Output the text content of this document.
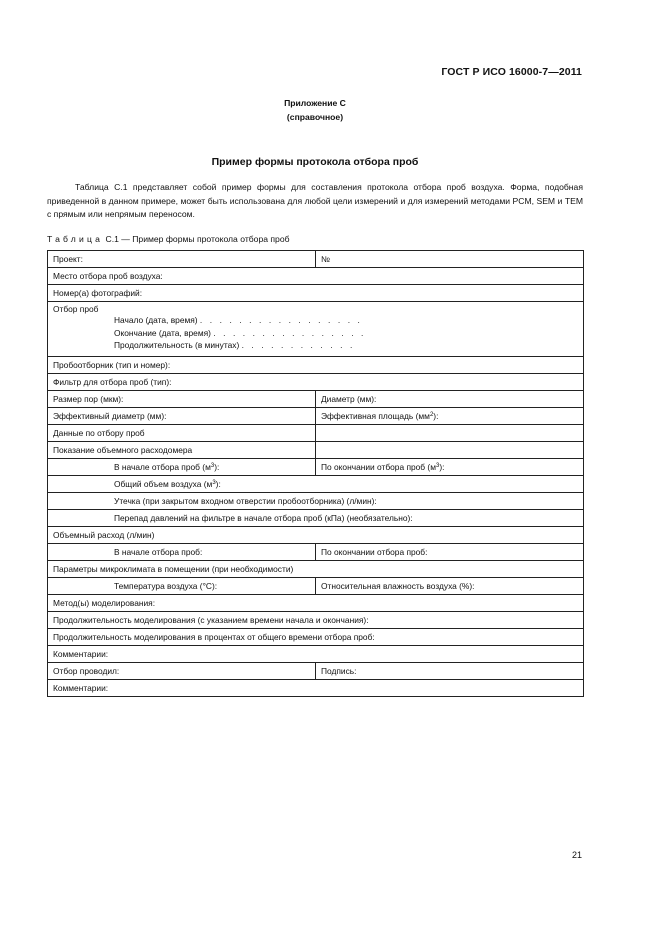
ГОСТ Р ИСО 16000-7—2011
Приложение С
(справочное)
Пример формы протокола отбора проб
Таблица С.1 представляет собой пример формы для составления протокола отбора проб воздуха. Форма, подобная приведенной в данном примере, может быть использована для любой цели измерений и для измерений методами PCM, SEM и TEM с прямым или непрямым переносом.
Таблица С.1 — Пример формы протокола отбора проб
Проект:	№
Место отбора проб воздуха:	
Номер(а) фотографий:	

Отбор проб
Начало (дата, время) . . . . . . . . . . . . . . . . .
Окончание (дата, время) . . . . . . . . . . . . . . . .
Продолжительность (в минутах) . . . . . . . . . . . .	

Пробоотборник (тип и номер):	
Фильтр для отбора проб (тип):	
Размер пор (мкм):	Диаметр (мм):
Эффективный диаметр (мм):	Эффективная площадь $(мм^2)$:
Данные по отбору проб	
Показание объемного расходомера	
В начале отбора проб $(м^3)$:	По окончании отбора проб $(м^3)$:
Общий объем воздуха $(м^3)$:	
Утечка (при закрытом входном отверстии пробоотборника) (л/мин):	
Перепад давлений на фильтре в начале отбора проб (кПа) (необязательно):	
Объемный расход (л/мин)	
В начале отбора проб:	По окончании отбора проб:
Параметры микроклимата в помещении (при необходимости)	
Температура воздуха (°С):	Относительная влажность воздуха (%):
Метод(ы) моделирования:	
Продолжительность моделирования (с указанием времени начала и окончания):	
Продолжительность моделирования в процентах от общего времени отбора проб:	
Комментарии:	
Отбор проводил:	Подпись:
Комментарии:	
21
